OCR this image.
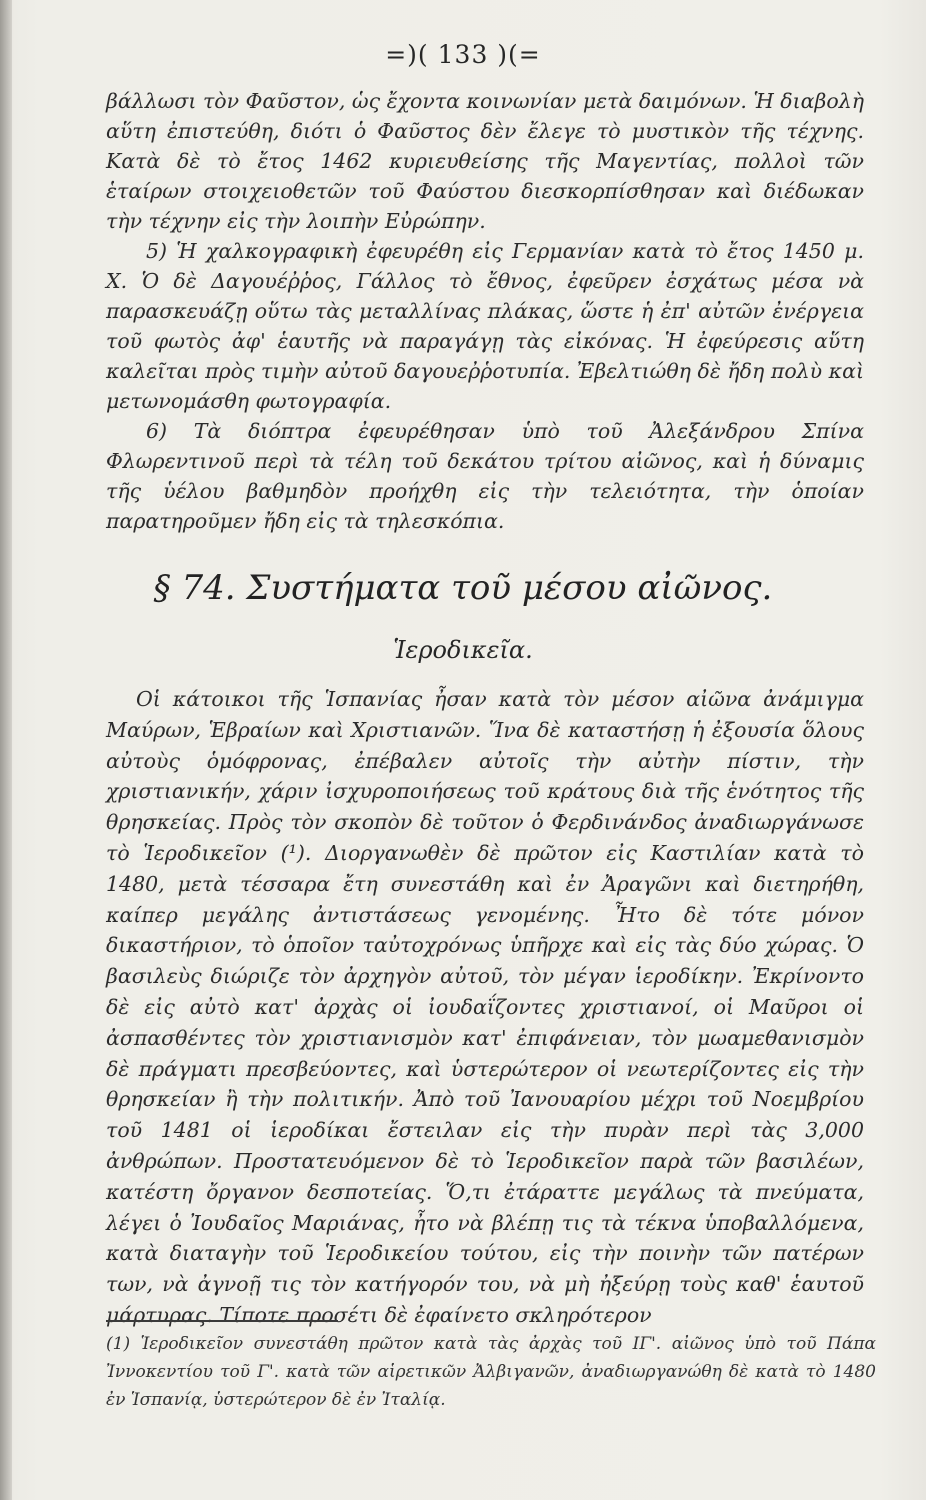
=)( 133 )(=

βάλλωσι τὸν Φαῦστον, ὡς ἔχοντα κοινωνίαν μετὰ δαιμόνων. Ἡ διαβολὴ αὕτη ἐπιστεύθη, διότι ὁ Φαῦστος δὲν ἔλεγε τὸ μυστικὸν τῆς τέχνης. Κατὰ δὲ τὸ ἔτος 1462 κυριευθείσης τῆς Μαγεντίας, πολλοὶ τῶν ἑταίρων στοιχειοθετῶν τοῦ Φαύστου διεσκορπίσθησαν καὶ διέδωκαν τὴν τέχνην εἰς τὴν λοιπὴν Εὐρώπην.

5) Ἡ χαλκογραφικὴ ἐφευρέθη εἰς Γερμανίαν κατὰ τὸ ἔτος 1450 μ. Χ. Ὁ δὲ Δαγουέῤῥος, Γάλλος τὸ ἔθνος, ἐφεῦρεν ἐσχάτως μέσα νὰ παρασκευάζῃ οὕτω τὰς μεταλλίνας πλάκας, ὥστε ἡ ἐπ' αὐτῶν ἐνέργεια τοῦ φωτὸς ἀφ' ἑαυτῆς νὰ παραγάγῃ τὰς εἰκόνας. Ἡ ἐφεύρεσις αὕτη καλεῖται πρὸς τιμὴν αὐτοῦ δαγουεῤῥοτυπία. Ἐβελτιώθη δὲ ἤδη πολὺ καὶ μετωνομάσθη φωτογραφία.

6) Τὰ διόπτρα ἐφευρέθησαν ὑπὸ τοῦ Ἀλεξάνδρου Σπίνα Φλωρεντινοῦ περὶ τὰ τέλη τοῦ δεκάτου τρίτου αἰῶνος, καὶ ἡ δύναμις τῆς ὑέλου βαθμηδὸν προήχθη εἰς τὴν τελειότητα, τὴν ὁποίαν παρατηροῦμεν ἤδη εἰς τὰ τηλεσκόπια.

§ 74. Συστήματα τοῦ μέσου αἰῶνος.
Ἱεροδικεῖα.

Οἱ κάτοικοι τῆς Ἱσπανίας ἦσαν κατὰ τὸν μέσον αἰῶνα ἀνάμιγμα Μαύρων, Ἑβραίων καὶ Χριστιανῶν. Ἵνα δὲ καταστήσῃ ἡ ἐξουσία ὅλους αὐτοὺς ὁμόφρονας, ἐπέβαλεν αὐτοῖς τὴν αὐτὴν πίστιν, τὴν χριστιανικήν, χάριν ἰσχυροποιήσεως τοῦ κράτους διὰ τῆς ἑνότητος τῆς θρησκείας. Πρὸς τὸν σκοπὸν δὲ τοῦτον ὁ Φερδινάνδος ἀναδιωργάνωσε τὸ Ἱεροδικεῖον (¹). Διοργανωθὲν δὲ πρῶτον εἰς Καστιλίαν κατὰ τὸ 1480, μετὰ τέσσαρα ἔτη συνεστάθη καὶ ἐν Ἀραγῶνι καὶ διετηρήθη, καίπερ μεγάλης ἀντιστάσεως γενομένης. Ἦτο δὲ τότε μόνον δικαστήριον, τὸ ὁποῖον ταὐτοχρόνως ὑπῆρχε καὶ εἰς τὰς δύο χώρας. Ὁ βασιλεὺς διώριζε τὸν ἀρχηγὸν αὐτοῦ, τὸν μέγαν ἱεροδίκην. Ἐκρίνοντο δὲ εἰς αὐτὸ κατ' ἀρχὰς οἱ ἰουδαΐζοντες χριστιανοί, οἱ Μαῦροι οἱ ἀσπασθέντες τὸν χριστιανισμὸν κατ' ἐπιφάνειαν, τὸν μωαμεθανισμὸν δὲ πράγματι πρεσβεύοντες, καὶ ὑστερώτερον οἱ νεωτερίζοντες εἰς τὴν θρησκείαν ἢ τὴν πολιτικήν. Ἀπὸ τοῦ Ἰανουαρίου μέχρι τοῦ Νοεμβρίου τοῦ 1481 οἱ ἱεροδίκαι ἔστειλαν εἰς τὴν πυρὰν περὶ τὰς 3,000 ἀνθρώπων. Προστατευόμενον δὲ τὸ Ἱεροδικεῖον παρὰ τῶν βασιλέων, κατέστη ὄργανον δεσποτείας. Ὅ,τι ἐτάραττε μεγάλως τὰ πνεύματα, λέγει ὁ Ἰουδαῖος Μαριάνας, ἦτο νὰ βλέπῃ τις τὰ τέκνα ὑποβαλλόμενα, κατὰ διαταγὴν τοῦ Ἱεροδικείου τούτου, εἰς τὴν ποινὴν τῶν πατέρων των, νὰ ἀγνοῇ τις τὸν κατήγορόν του, νὰ μὴ ἠξεύρῃ τοὺς καθ' ἑαυτοῦ μάρτυρας. Τίποτε προσέτι δὲ ἐφαίνετο σκληρότερον

(1) Ἱεροδικεῖον συνεστάθη πρῶτον κατὰ τὰς ἀρχὰς τοῦ ΙΓ'. αἰῶνος ὑπὸ τοῦ Πάπα Ἰννοκεντίου τοῦ Γ'. κατὰ τῶν αἱρετικῶν Ἀλβιγανῶν, ἀναδιωργανώθη δὲ κατὰ τὸ 1480 ἐν Ἱσπανίᾳ, ὑστερώτερον δὲ ἐν Ἰταλίᾳ.
